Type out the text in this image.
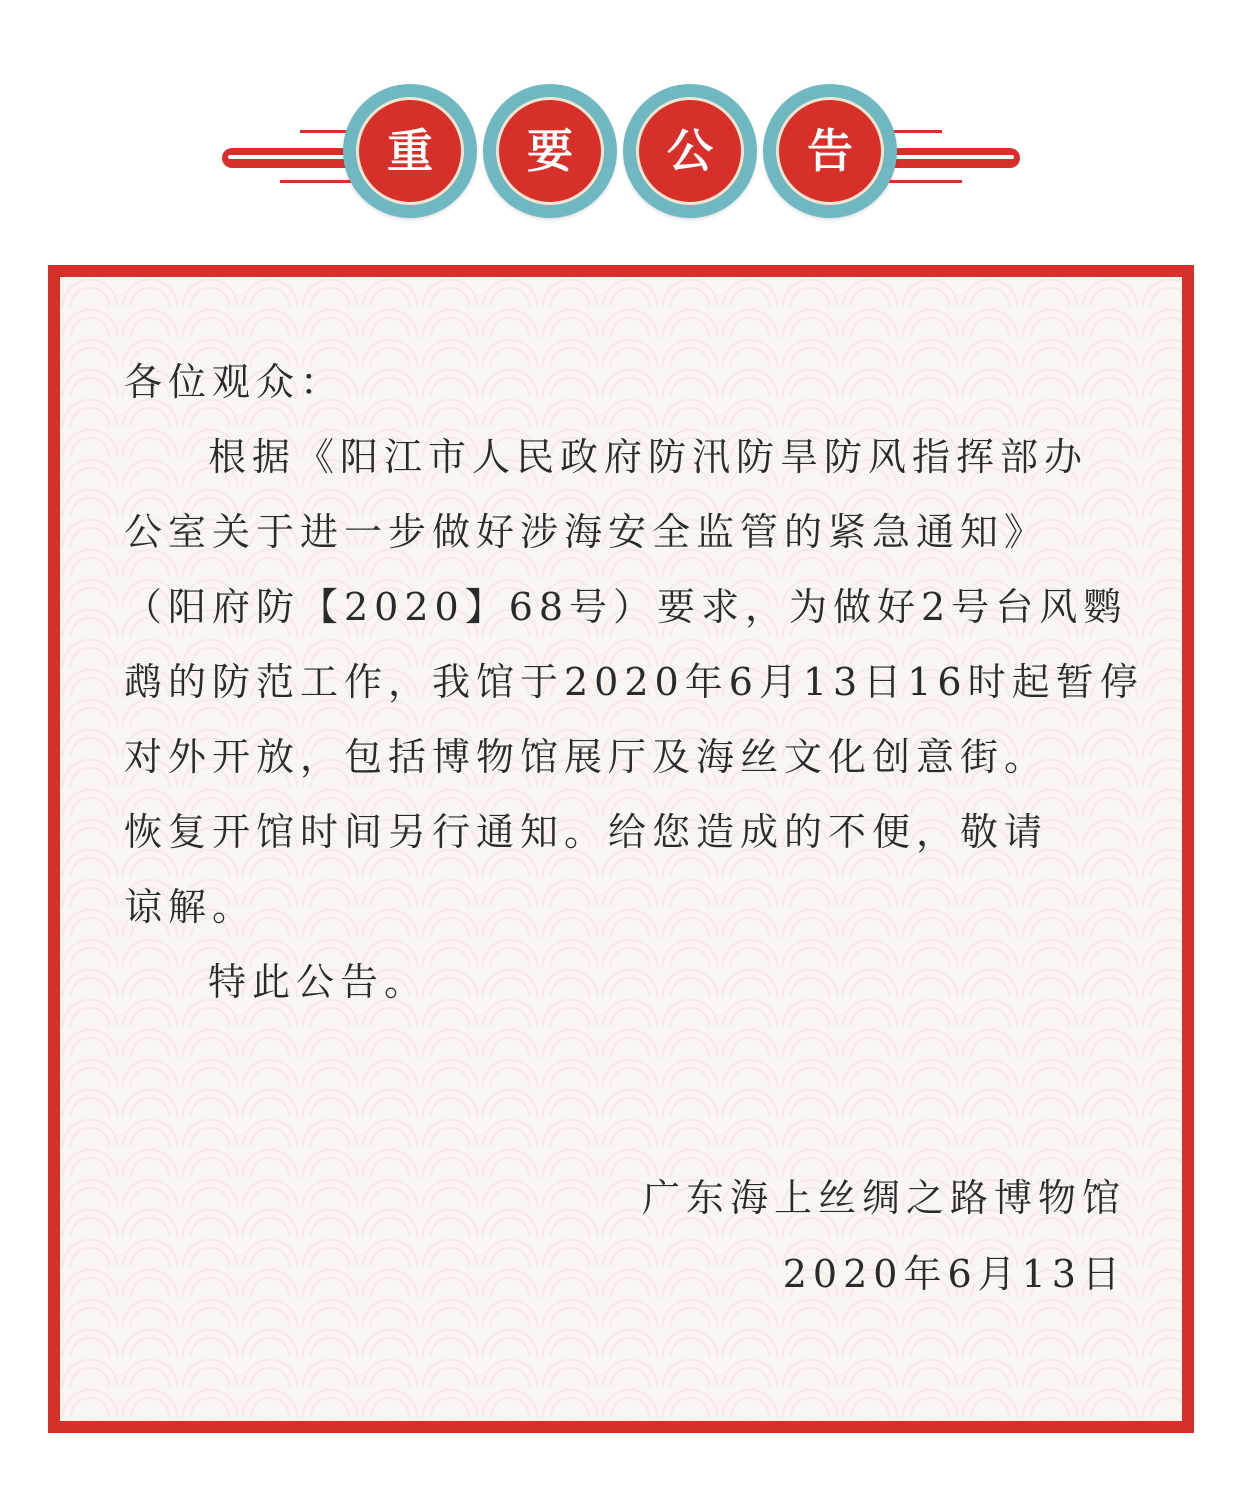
重 要 公 告
各位观众：
根据《阳江市人民政府防汛防旱防风指挥部办
公室关于进一步做好涉海安全监管的紧急通知》
（阳府防【2020】68号）要求，为做好2号台风鹦
鹉的防范工作，我馆于2020年6月13日16时起暂停
对外开放，包括博物馆展厅及海丝文化创意街。
恢复开馆时间另行通知。给您造成的不便，敬请
谅解。
特此公告。
广东海上丝绸之路博物馆
2020年6月13日
